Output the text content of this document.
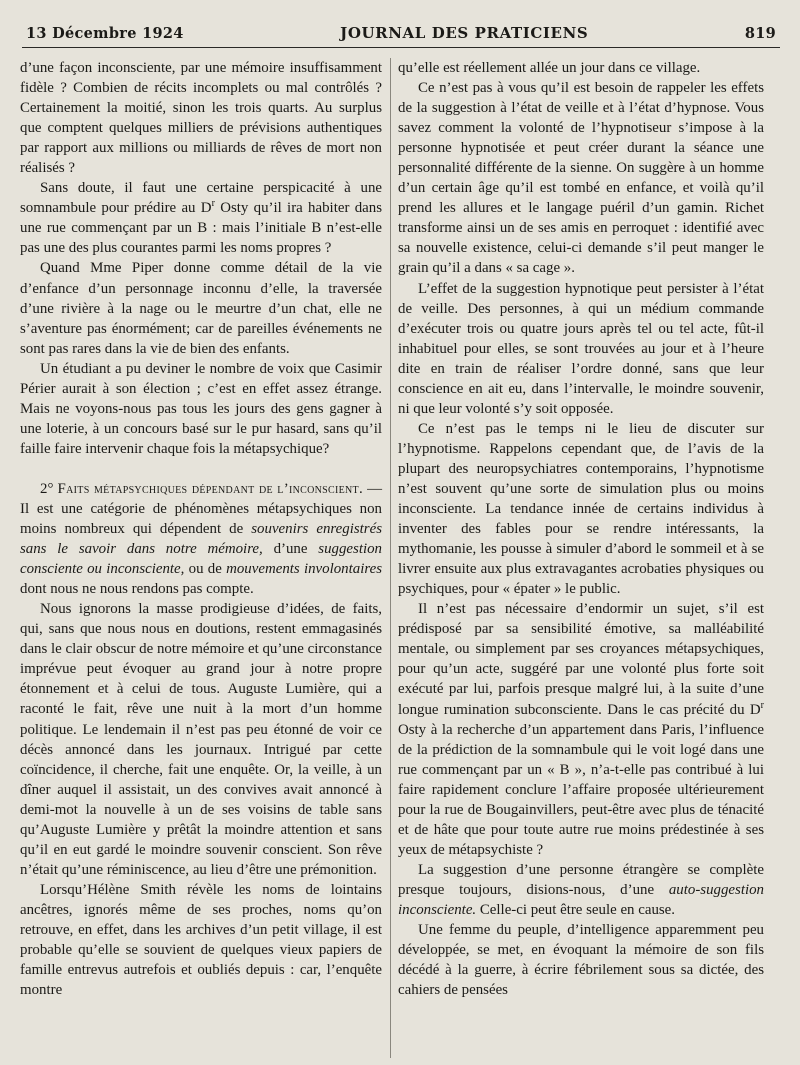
13 Décembre 1924	JOURNAL DES PRATICIENS	819

d’une façon inconsciente, par une mémoire insuffisamment fidèle ? Combien de récits incomplets ou mal contrôlés ? Certainement la moitié, sinon les trois quarts. Au surplus que comptent quelques milliers de prévisions authentiques par rapport aux millions ou milliards de rêves de mort non réalisés ?

Sans doute, il faut une certaine perspicacité à une somnambule pour prédire au $D^r$ Osty qu’il ira habiter dans une rue commençant par un B : mais l’initiale B n’est-elle pas une des plus courantes parmi les noms propres ?

Quand Mme Piper donne comme détail de la vie d’enfance d’un personnage inconnu d’elle, la traversée d’une rivière à la nage ou le meurtre d’un chat, elle ne s’aventure pas énormément; car de pareilles événements ne sont pas rares dans la vie de bien des enfants.

Un étudiant a pu deviner le nombre de voix que Casimir Périer aurait à son élection ; c’est en effet assez étrange. Mais ne voyons-nous pas tous les jours des gens gagner à une loterie, à un concours basé sur le pur hasard, sans qu’il faille faire intervenir chaque fois la métapsychique?

2° Faits métapsychiques dépendant de l’inconscient. — Il est une catégorie de phénomènes métapsychiques non moins nombreux qui dépendent de souvenirs enregistrés sans le savoir dans notre mémoire, d’une suggestion consciente ou inconsciente, ou de mouvements involontaires dont nous ne nous rendons pas compte.

Nous ignorons la masse prodigieuse d’idées, de faits, qui, sans que nous nous en doutions, restent emmagasinés dans le clair obscur de notre mémoire et qu’une circonstance imprévue peut évoquer au grand jour à notre propre étonnement et à celui de tous. Auguste Lumière, qui a raconté le fait, rêve une nuit à la mort d’un homme politique. Le lendemain il n’est pas peu étonné de voir ce décès annoncé dans les journaux. Intrigué par cette coïncidence, il cherche, fait une enquête. Or, la veille, à un dîner auquel il assistait, un des convives avait annoncé à demi-mot la nouvelle à un de ses voisins de table sans qu’Auguste Lumière y prêtât la moindre attention et sans qu’il en eut gardé le moindre souvenir conscient. Son rêve n’était qu’une réminiscence, au lieu d’être une prémonition.

Lorsqu’Hélène Smith révèle les noms de lointains ancêtres, ignorés même de ses proches, noms qu’on retrouve, en effet, dans les archives d’un petit village, il est probable qu’elle se souvient de quelques vieux papiers de famille entrevus autrefois et oubliés depuis : car, l’enquête montre

qu’elle est réellement allée un jour dans ce village.

Ce n’est pas à vous qu’il est besoin de rappeler les effets de la suggestion à l’état de veille et à l’état d’hypnose. Vous savez comment la volonté de l’hypnotiseur s’impose à la personne hypnotisée et peut créer durant la séance une personnalité différente de la sienne. On suggère à un homme d’un certain âge qu’il est tombé en enfance, et voilà qu’il prend les allures et le langage puéril d’un gamin. Richet transforme ainsi un de ses amis en perroquet : identifié avec sa nouvelle existence, celui-ci demande s’il peut manger le grain qu’il a dans « sa cage ».

L’effet de la suggestion hypnotique peut persister à l’état de veille. Des personnes, à qui un médium commande d’exécuter trois ou quatre jours après tel ou tel acte, fût-il inhabituel pour elles, se sont trouvées au jour et à l’heure dite en train de réaliser l’ordre donné, sans que leur conscience en ait eu, dans l’intervalle, le moindre souvenir, ni que leur volonté s’y soit opposée.

Ce n’est pas le temps ni le lieu de discuter sur l’hypnotisme. Rappelons cependant que, de l’avis de la plupart des neuropsychiatres contemporains, l’hypnotisme n’est souvent qu’une sorte de simulation plus ou moins inconsciente. La tendance innée de certains individus à inventer des fables pour se rendre intéressants, la mythomanie, les pousse à simuler d’abord le sommeil et à se livrer ensuite aux plus extravagantes acrobaties physiques ou psychiques, pour « épater » le public.

Il n’est pas nécessaire d’endormir un sujet, s’il est prédisposé par sa sensibilité émotive, sa malléabilité mentale, ou simplement par ses croyances métapsychiques, pour qu’un acte, suggéré par une volonté plus forte soit exécuté par lui, parfois presque malgré lui, à la suite d’une longue rumination subconsciente. Dans le cas précité du $D^r$ Osty à la recherche d’un appartement dans Paris, l’influence de la prédiction de la somnambule qui le voit logé dans une rue commençant par un « B », n’a-t-elle pas contribué à lui faire rapidement conclure l’affaire proposée ultérieurement pour la rue de Bougainvillers, peut-être avec plus de ténacité et de hâte que pour toute autre rue moins prédestinée à ses yeux de métapsychiste ?

La suggestion d’une personne étrangère se complète presque toujours, disions-nous, d’une auto-suggestion inconsciente. Celle-ci peut être seule en cause.

Une femme du peuple, d’intelligence apparemment peu développée, se met, en évoquant la mémoire de son fils décédé à la guerre, à écrire fébrilement sous sa dictée, des cahiers de pensées
